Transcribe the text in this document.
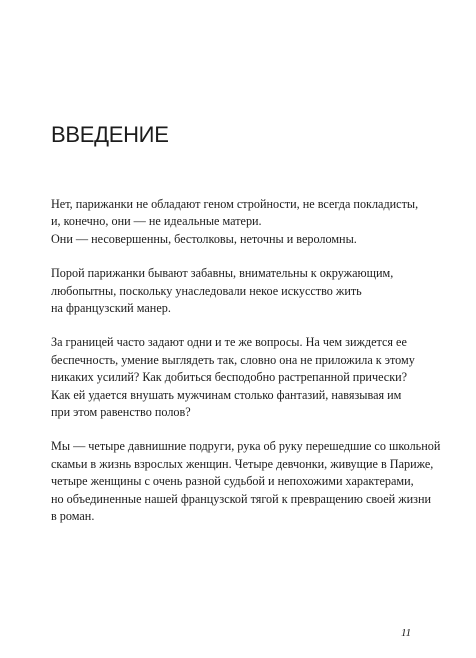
ВВЕДЕНИЕ

Нет, парижанки не обладают геном стройности, не всегда покладисты,
и, конечно, они — не идеальные матери.
Они — несовершенны, бестолковы, неточны и вероломны.

Порой парижанки бывают забавны, внимательны к окружающим,
любопытны, поскольку унаследовали некое искусство жить
на французский манер.

За границей часто задают одни и те же вопросы. На чем зиждется ее
беспечность, умение выглядеть так, словно она не приложила к этому
никаких усилий? Как добиться бесподобно растрепанной прически?
Как ей удается внушать мужчинам столько фантазий, навязывая им
при этом равенство полов?

Мы — четыре давнишние подруги, рука об руку перешедшие со школьной
скамьи в жизнь взрослых женщин. Четыре девчонки, живущие в Париже,
четыре женщины с очень разной судьбой и непохожими характерами,
но объединенные нашей французской тягой к превращению своей жизни
в роман.

11
